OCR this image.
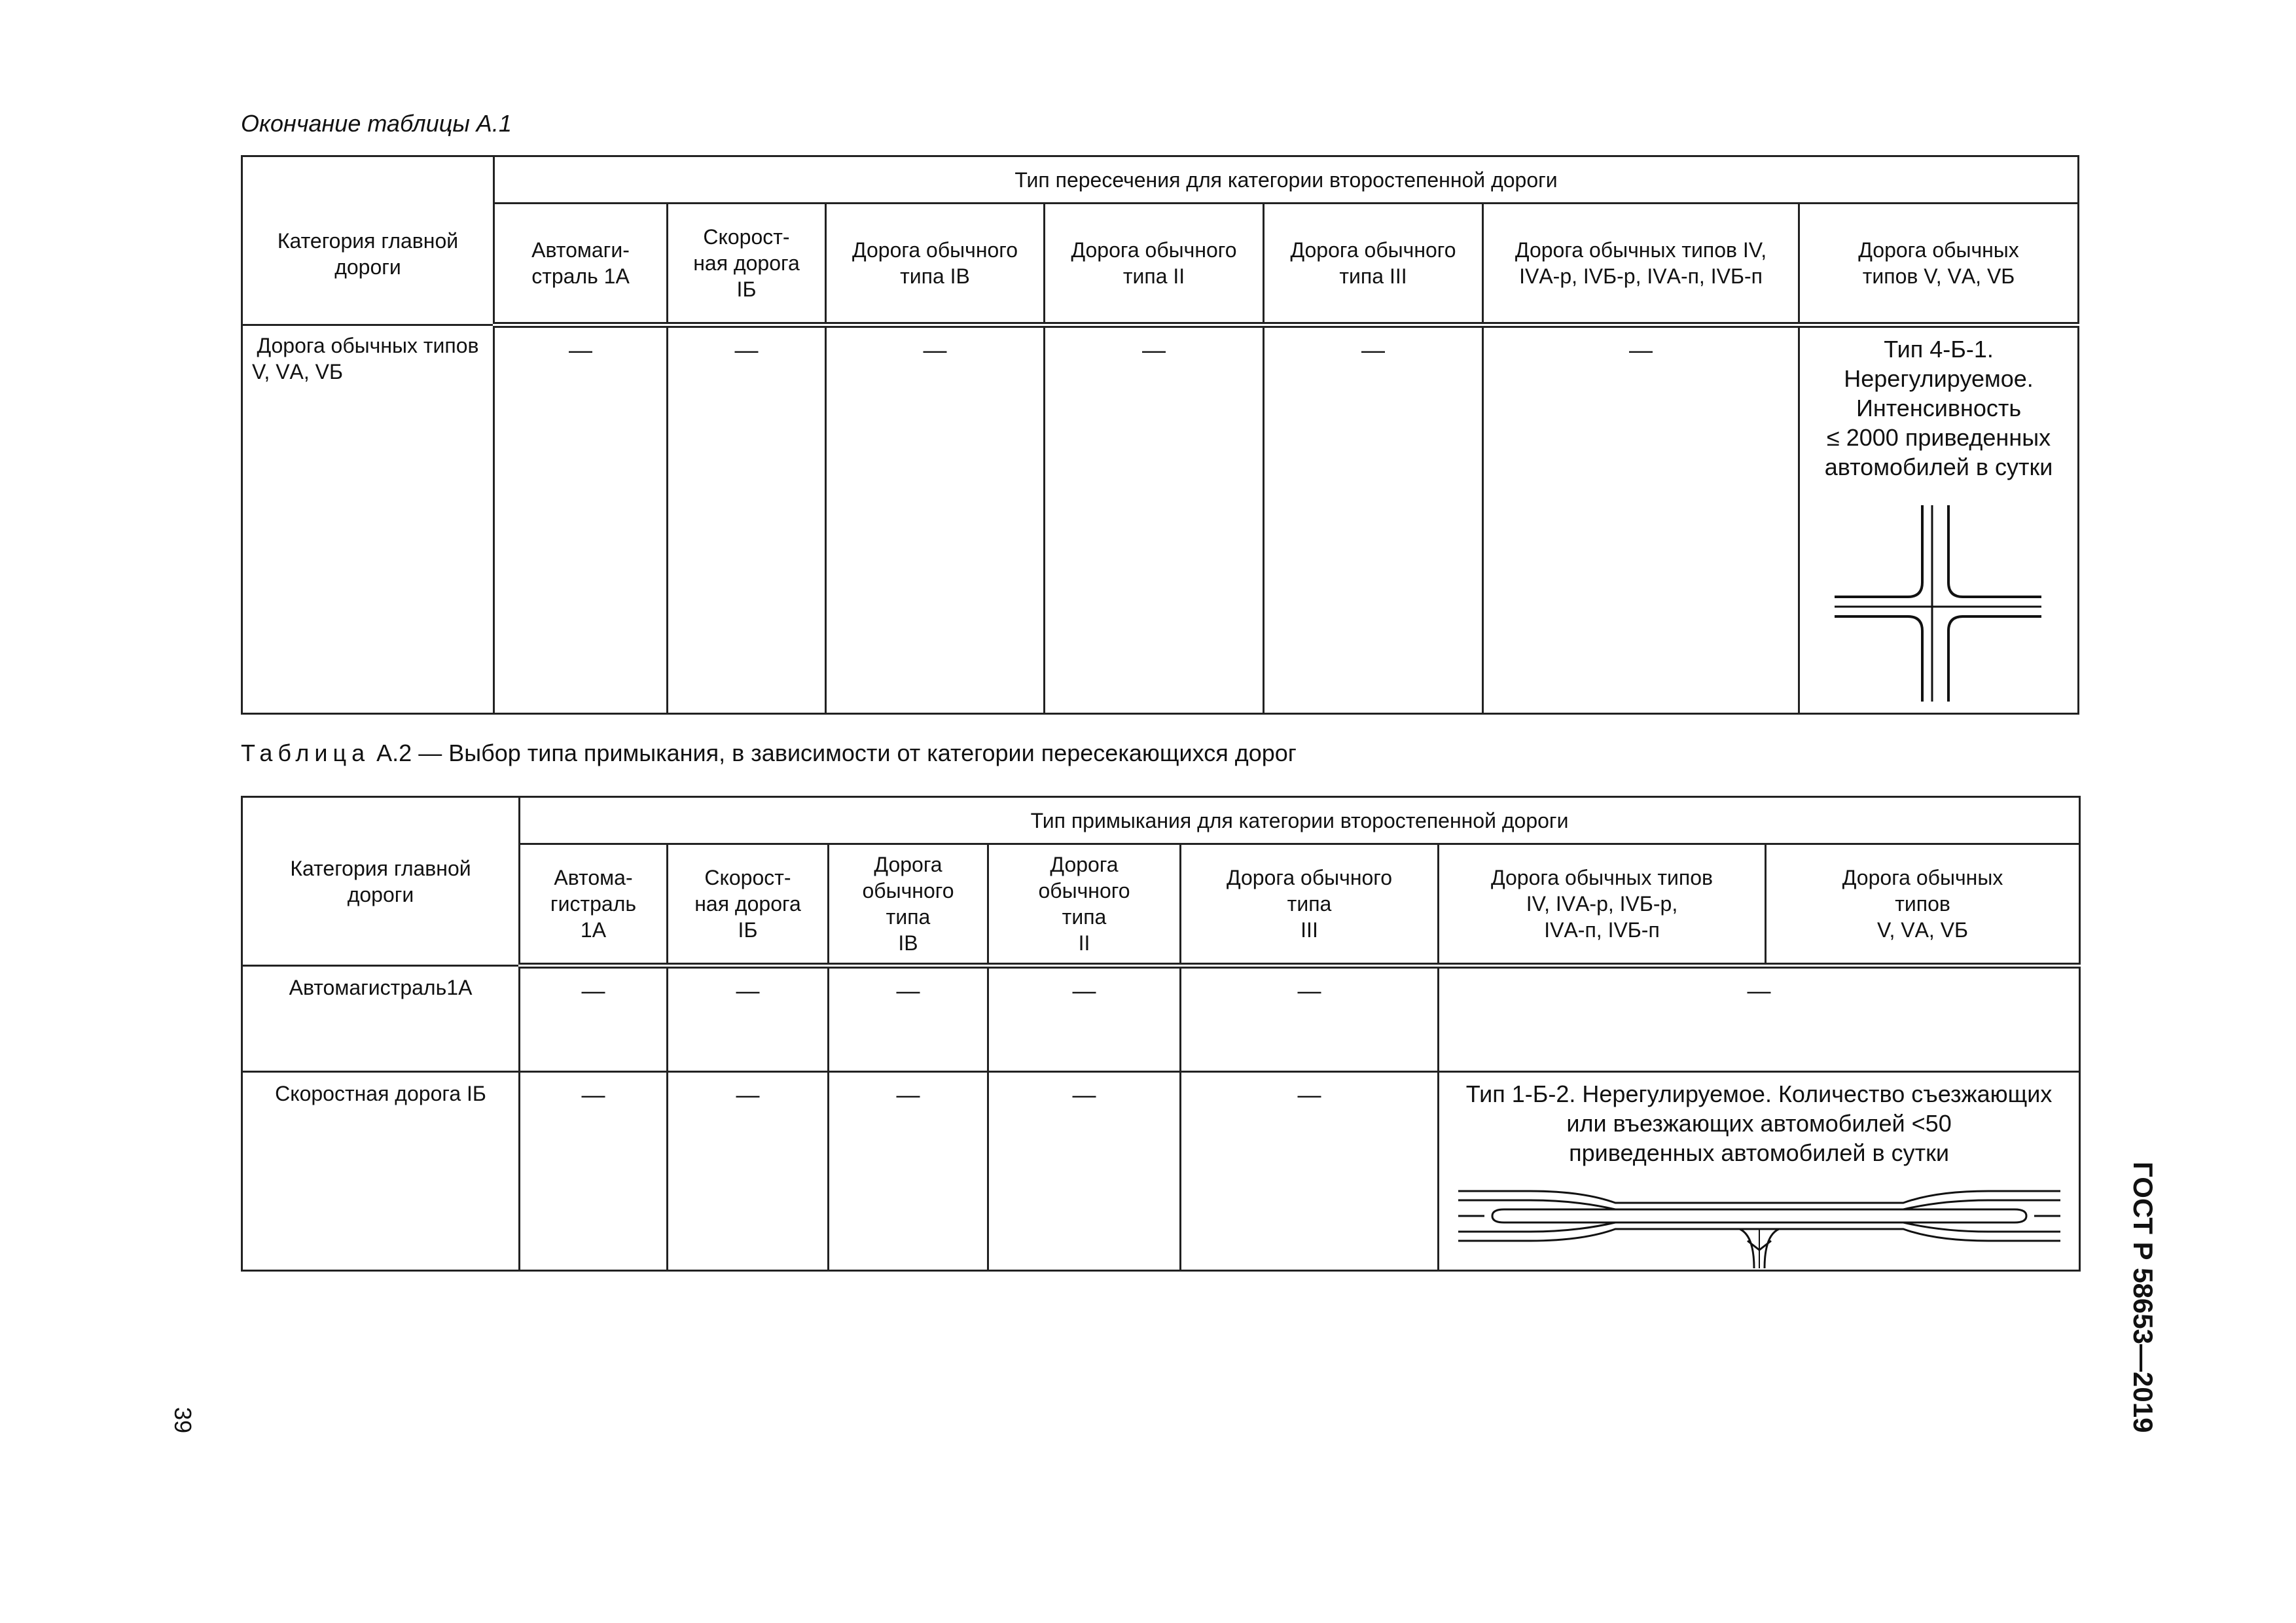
Окончание таблицы А.1

Категория главной дороги	Тип пересечения для категории второстепенной дороги						
	Автомаги-
страль 1А	Скорост-
ная дорога
IБ	Дорога обычного
типа IВ	Дорога обычного
типа II	Дорога обычного
типа III	Дорога обычных типов IV,
IVА-р, IVБ-р, IVА-п, IVБ-п	Дорога обычных
типов V, VА, VБ
Дорога обычных типов V, VА, VБ	—	—	—	—	—	—	Тип 4-Б-1.
Нерегулируемое.
Интенсивность
≤ 2000 приведенных
автомобилей в сутки
Таблица А.2 — Выбор типа примыкания, в зависимости от категории пересекающихся дорог
Категория главной
дороги	Тип примыкания для категории второстепенной дороги						
	Автома-
гистраль
1А	Скорост-
ная дорога
IБ	Дорога
обычного
типа
IВ	Дорога
обычного
типа
II	Дорога обычного
типа
III	Дорога обычных типов
IV, IVА-р, IVБ-р,
IVА-п, IVБ-п	Дорога обычных
типов
V, VА, VБ
Автомагистраль1А	—	—	—	—	—	—	

Скоростная дорога IБ	—	—	—	—	—	Тип 1-Б-2. Нерегулируемое. Количество съезжающих
или въезжающих автомобилей <50
приведенных автомобилей в сутки	
39	ГОСТ Р 58653—2019
